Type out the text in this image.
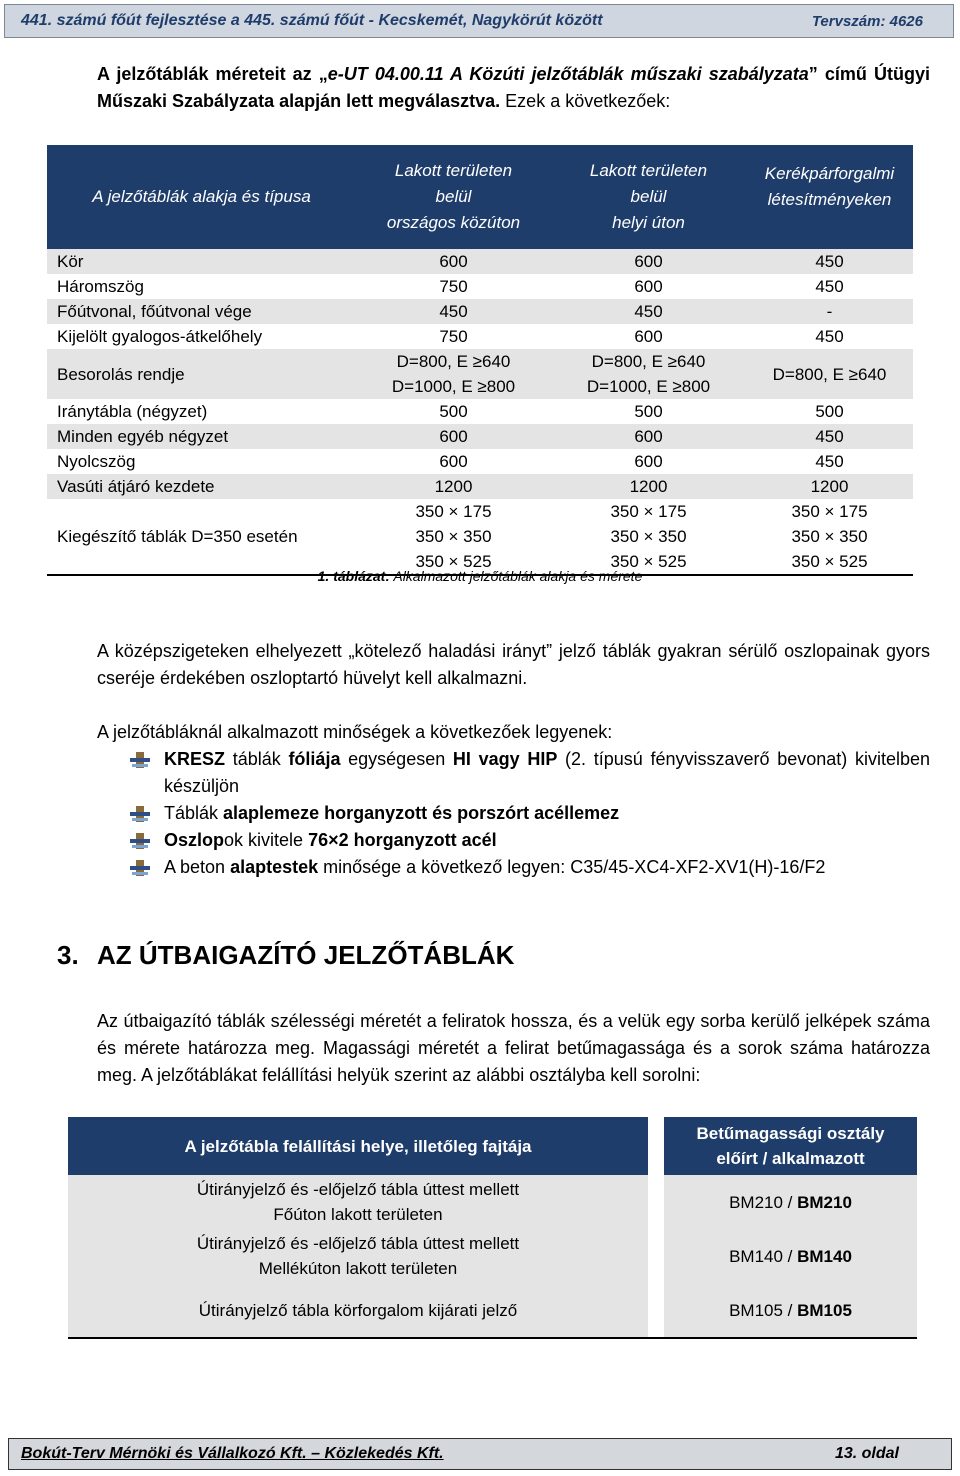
441. számú főút fejlesztése a 445. számú főút - Kecskemét, Nagykörút között	Tervszám: 4626

A jelzőtáblák méreteit az „e-UT 04.00.11 A Közúti jelzőtáblák műszaki szabályzata” című Útügyi Műszaki Szabályzata alapján lett megválasztva. Ezek a következőek:

A jelzőtáblák alakja és típusa	Lakott területen
belül
országos közúton	Lakott területen
belül
helyi úton	Kerékpárforgalmi
létesítményeken
Kör	600	600	450
Háromszög	750	600	450
Főútvonal, főútvonal vége	450	450	-
Kijelölt gyalogos-átkelőhely	750	600	450
Besorolás rendje	D=800, E ≥640
D=1000, E ≥800	D=800, E ≥640
D=1000, E ≥800	D=800, E ≥640
Iránytábla (négyzet)	500	500	500
Minden egyéb négyzet	600	600	450
Nyolcszög	600	600	450
Vasúti átjáró kezdete	1200	1200	1200
Kiegészítő táblák D=350 esetén	350 × 175
350 × 350
350 × 525	350 × 175
350 × 350
350 × 525	350 × 175
350 × 350
350 × 525
1. táblázat: Alkalmazott jelzőtáblák alakja és mérete

A középszigeteken elhelyezett „kötelező haladási irányt” jelző táblák gyakran sérülő oszlopainak gyors cseréje érdekében oszloptartó hüvelyt kell alkalmazni.

A jelzőtábláknál alkalmazott minőségek a következőek legyenek:

KRESZ táblák fóliája egységesen HI vagy HIP (2. típusú fényvisszaverő bevonat) kivitelben készüljön
Táblák alaplemeze horganyzott és porszórt acéllemez
Oszlopok kivitele 76×2 horganyzott acél
A beton alaptestek minősége a következő legyen: C35/45-XC4-XF2-XV1(H)-16/F2
3. AZ ÚTBAIGAZÍTÓ JELZŐTÁBLÁK

Az útbaigazító táblák szélességi méretét a feliratok hossza, és a velük egy sorba kerülő jelképek száma és mérete határozza meg. Magassági méretét a felirat betűmagassága és a sorok száma határozza meg. A jelzőtáblákat felállítási helyük szerint az alábbi osztályba kell sorolni:

A jelzőtábla felállítási helye, illetőleg fajtája		Betűmagassági osztály
előírt / alkalmazott
Útirányjelző és -előjelző tábla úttest mellett
Főúton lakott területen		BM210 / BM210
Útirányjelző és -előjelző tábla úttest mellett
Mellékúton lakott területen		BM140 / BM140
Útirányjelző tábla körforgalom kijárati jelző		BM105 / BM105
Bokút-Terv Mérnöki és Vállalkozó Kft. – Közlekedés Kft.	13. oldal
